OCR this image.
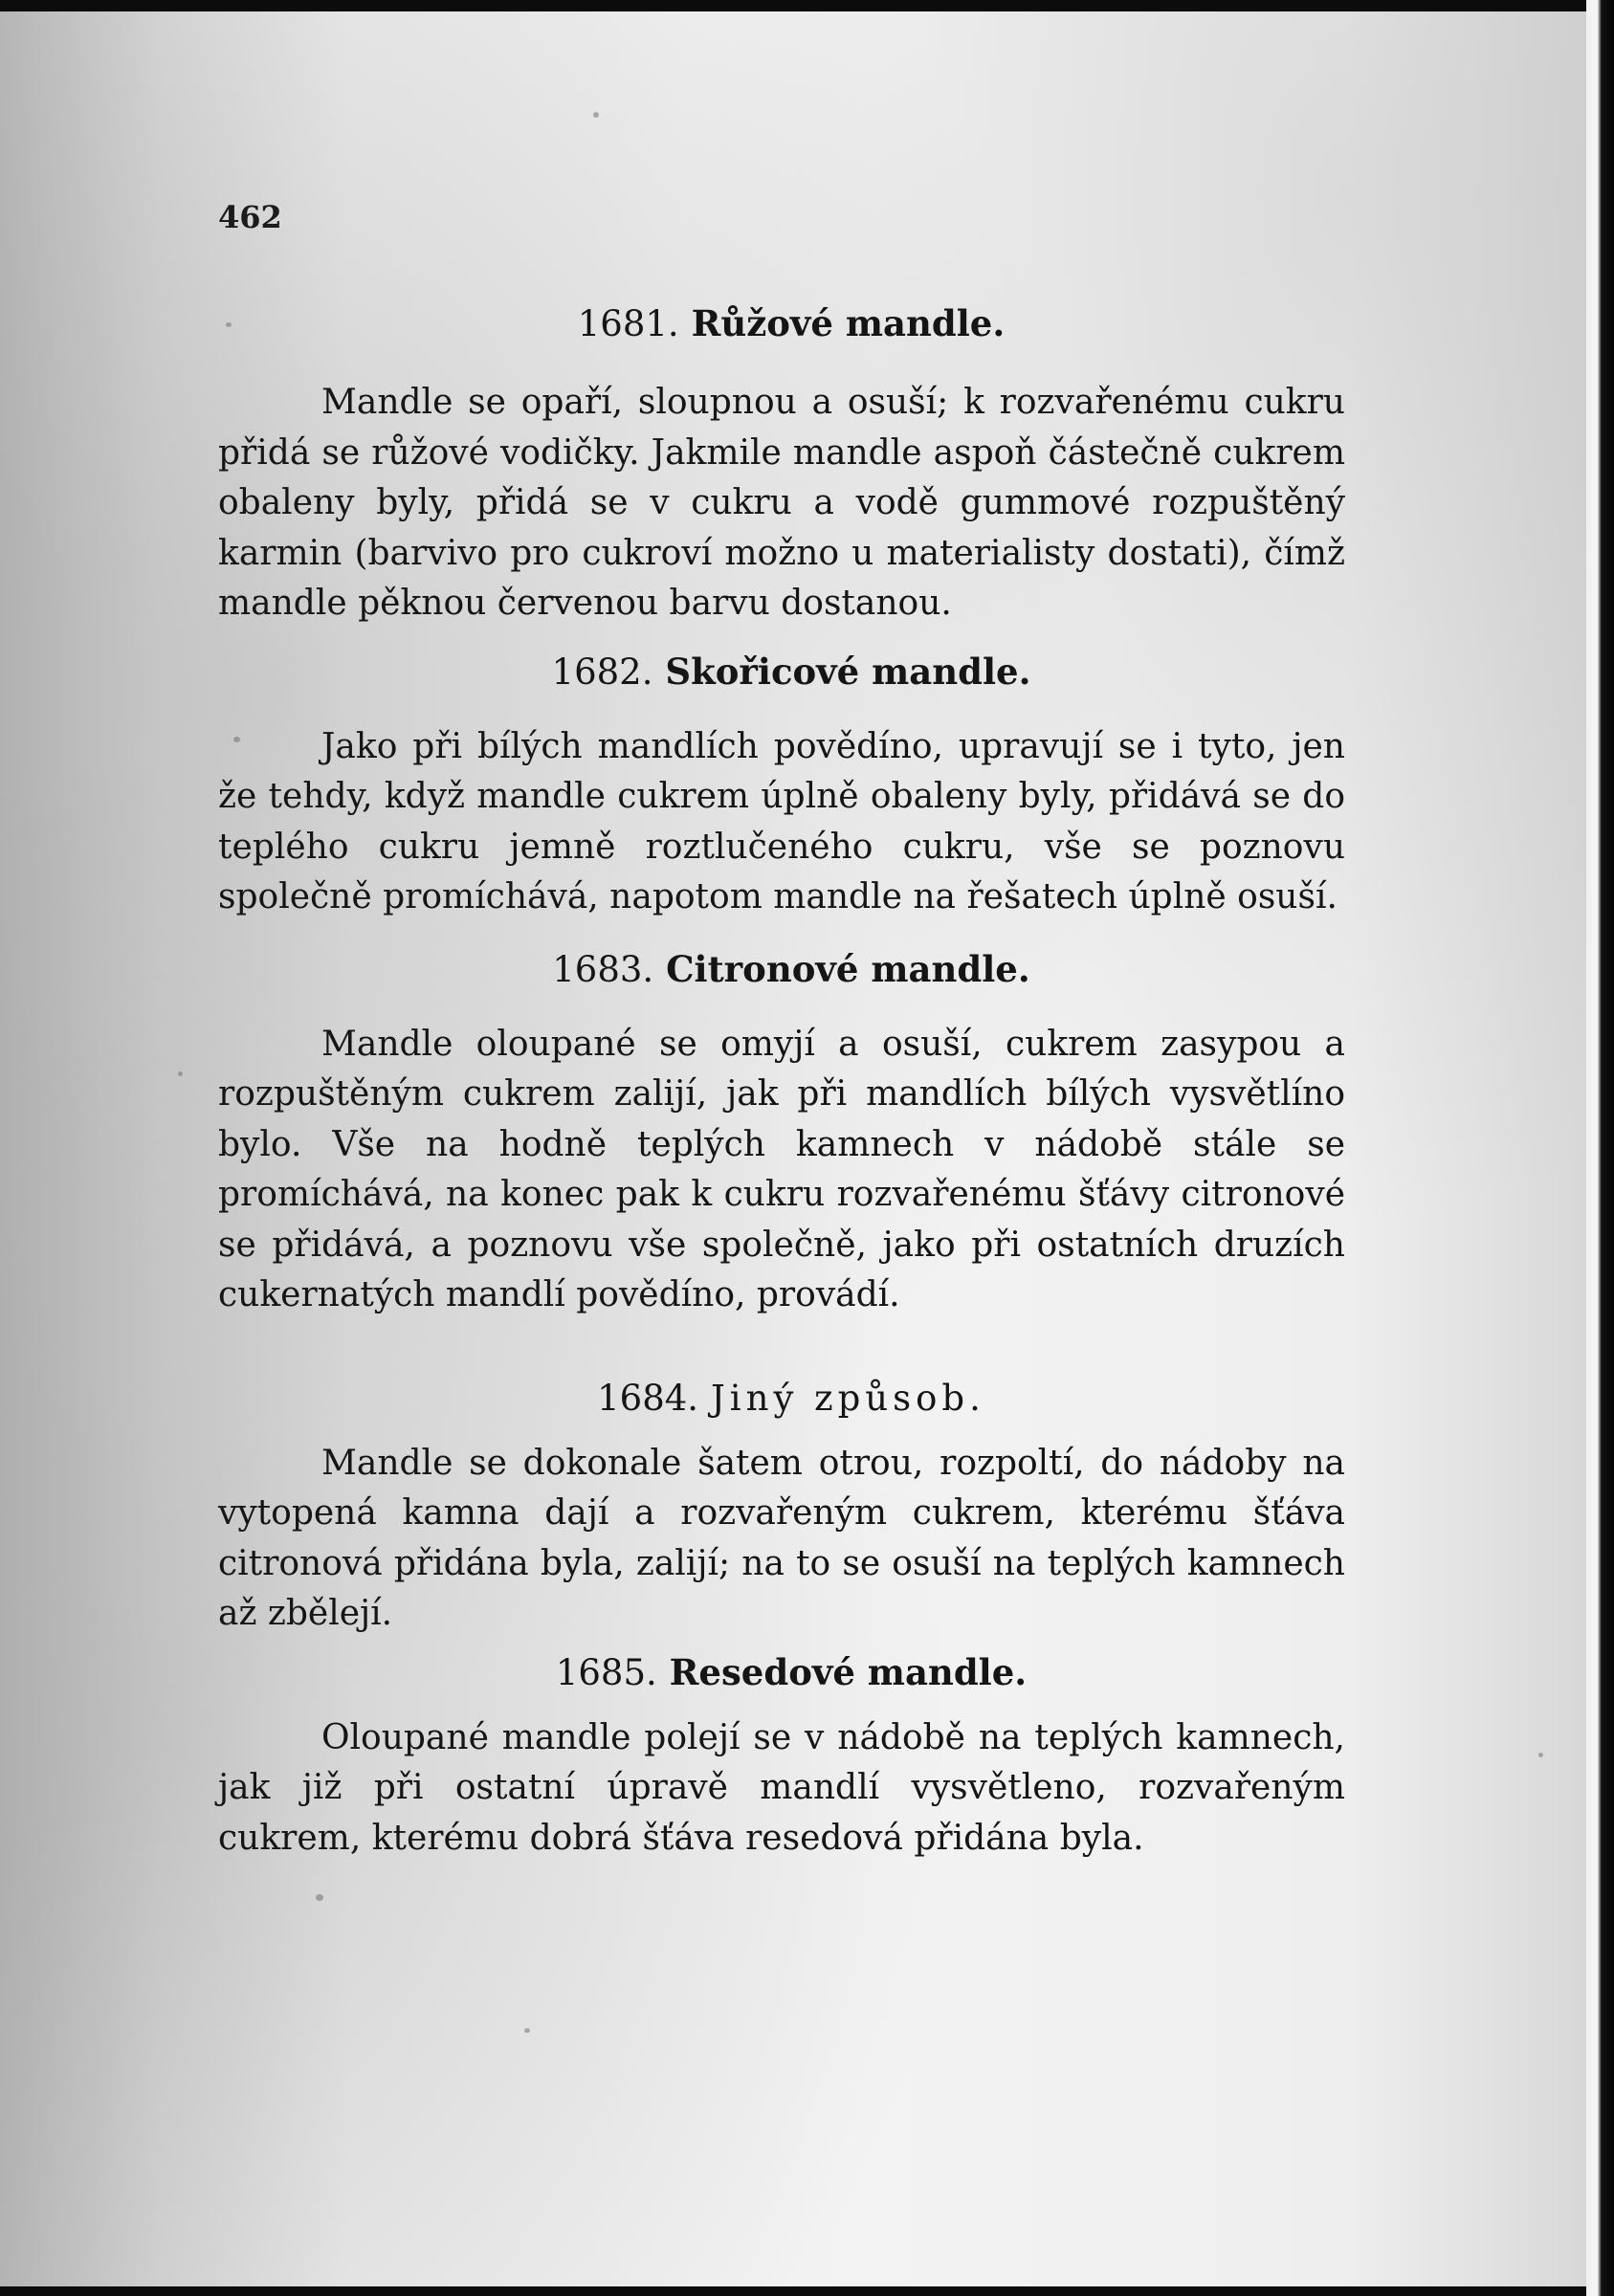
462
1681. Růžové mandle.

Mandle se opaří, sloupnou a osuší; k rozvařenému cukru přidá se růžové vodičky. Jakmile mandle aspoň částečně cukrem obaleny byly, přidá se v cukru a vodě gummové rozpuštěný karmin (barvivo pro cukroví možno u materialisty dostati), čímž mandle pěknou červenou barvu dostanou.

1682. Skořicové mandle.

Jako při bílých mandlích povědíno, upravují se i tyto, jen že tehdy, když mandle cukrem úplně obaleny byly, přidává se do teplého cukru jemně roztlučeného cukru, vše se poznovu společně promíchává, napotom mandle na řešatech úplně osuší.

1683. Citronové mandle.

Mandle oloupané se omyjí a osuší, cukrem zasypou a rozpuštěným cukrem zalijí, jak při mandlích bílých vysvětlíno bylo. Vše na hodně teplých kamnech v nádobě stále se promíchává, na konec pak k cukru rozvařenému šťávy citronové se přidává, a poznovu vše společně, jako při ostatních druzích cukernatých mandlí povědíno, provádí.

1684. Jiný způsob.

Mandle se dokonale šatem otrou, rozpoltí, do nádoby na vytopená kamna dají a rozvařeným cukrem, kterému šťáva citronová přidána byla, zalijí; na to se osuší na teplých kamnech až zbělejí.

1685. Resedové mandle.

Oloupané mandle polejí se v nádobě na teplých kamnech, jak již při ostatní úpravě mandlí vysvětleno, rozvařeným cukrem, kterému dobrá šťáva resedová přidána byla.
